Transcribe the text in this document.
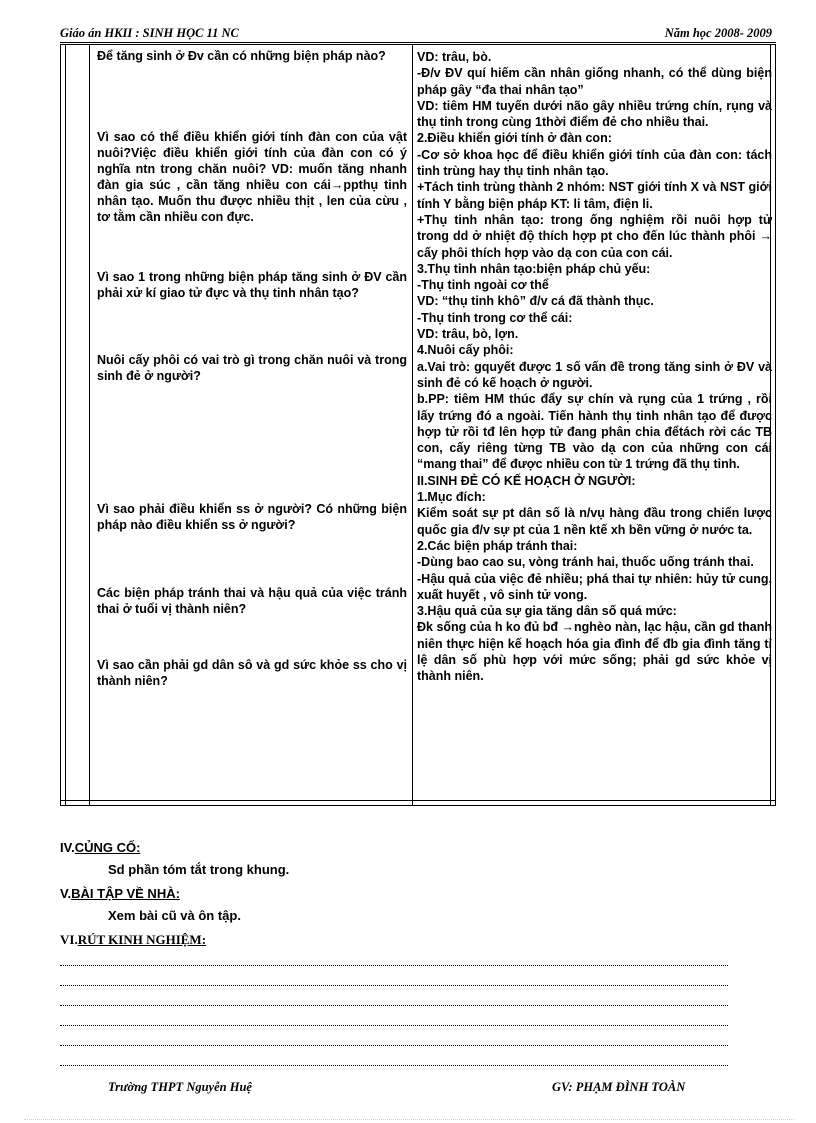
Giáo án HKII : SINH HỌC 11 NC	Năm học 2008- 2009
Để tăng sinh ở Đv cần có những biện pháp nào?
Vì sao có thể điều khiển giới tính đàn con của vật nuôi?Việc điều khiển giới tính của đàn con có ý nghĩa ntn trong chăn nuôi? VD: muốn tăng nhanh đàn gia súc , cần tăng nhiều con cái→ppthụ tinh nhân tạo. Muốn thu được nhiều thịt , len của cừu , tơ tằm cần nhiều con đực.
Vì sao 1 trong những biện pháp tăng sinh ở ĐV cần phải xử kí giao tử đực và thụ tinh nhân tạo?
Nuôi cấy phôi có vai trò gì trong chăn nuôi và trong sinh đẻ ở người?
Vì sao phải điều khiển ss ở người? Có những biện pháp nào điều khiển ss ở người?
Các biện pháp tránh thai và hậu quả của việc tránh thai ở tuổi vị thành niên?
Vì sao cần phải gd dân sô và gd sức khỏe ss cho vị thành niên?
VD: trâu, bò.
-Đ/v ĐV quí hiếm cần nhân giống nhanh, có thể dùng biện pháp gây “đa thai nhân tạo”
VD: tiêm HM tuyến dưới não gây nhiều trứng chín, rụng và thụ tinh trong cùng 1thời điểm đẻ cho nhiều thai.
2.Điều khiển giới tính ở đàn con:
-Cơ sở khoa học để điều khiển giới tính của đàn con: tách tinh trùng hay thụ tinh nhân tạo.
+Tách tinh trùng thành 2 nhóm: NST giới tính X và NST giới tính Y bằng biện pháp KT: li tâm, điện li.
+Thụ tinh nhân tạo: trong ống nghiệm rồi nuôi hợp tử trong dd ở nhiệt độ thích hợp pt cho đến lúc thành phôi → cấy phôi thích hợp vào dạ con của con cái.
3.Thụ tinh nhân tạo:biện pháp chủ yếu:
-Thụ tinh ngoài cơ thể
VD: “thụ tinh khô” đ/v cá đã thành thục.
-Thụ tinh trong cơ thể cái:
VD: trâu, bò, lợn.
4.Nuôi cấy phôi:
a.Vai trò: gquyết được 1 số vấn đề trong tăng sinh ở ĐV và sinh đẻ có kế hoạch ở người.
b.PP: tiêm HM thúc đẩy sự chín và rụng của 1 trứng , rồi lấy trứng đó a ngoài. Tiến hành thụ tinh nhân tạo để được hợp tử rồi tđ lên hợp tử đang phân chia đểtách rời các TB con, cấy riêng từng TB vào dạ con của những con cái “mang thai” để được nhiều con từ 1 trứng đã thụ tinh.
II.SINH ĐẺ CÓ KẾ HOẠCH Ở NGƯỜI:
1.Mục đích:
Kiểm soát sự pt dân số là n/vụ hàng đầu trong chiến lược quốc gia đ/v sự pt của 1 nền ktế xh bền vững ở nước ta.
2.Các biện pháp tránh thai:
-Dùng bao cao su, vòng tránh hai, thuốc uống tránh thai.
-Hậu quả của việc đẻ nhiều; phá thai tự nhiên: hủy tử cung, xuất huyết , vô sinh tử vong.
3.Hậu quả của sự gia tăng dân số quá mức:
Đk sống của h ko đủ bđ →nghèo nàn, lạc hậu, cần gd thanh niên thực hiện kế hoạch hóa gia đình để đb gia đình tăng tỉ lệ dân số phù hợp với mức sống; phải gd sức khỏe vị thành niên.
IV.CỦNG CỐ:
Sd phần tóm tắt trong khung.
V.BÀI TẬP VỀ NHÀ:
Xem bài cũ và ôn tập.
VI.RÚT KINH NGHIỆM:
Trường THPT Nguyễn Huệ	GV: PHẠM ĐÌNH TOÀN
